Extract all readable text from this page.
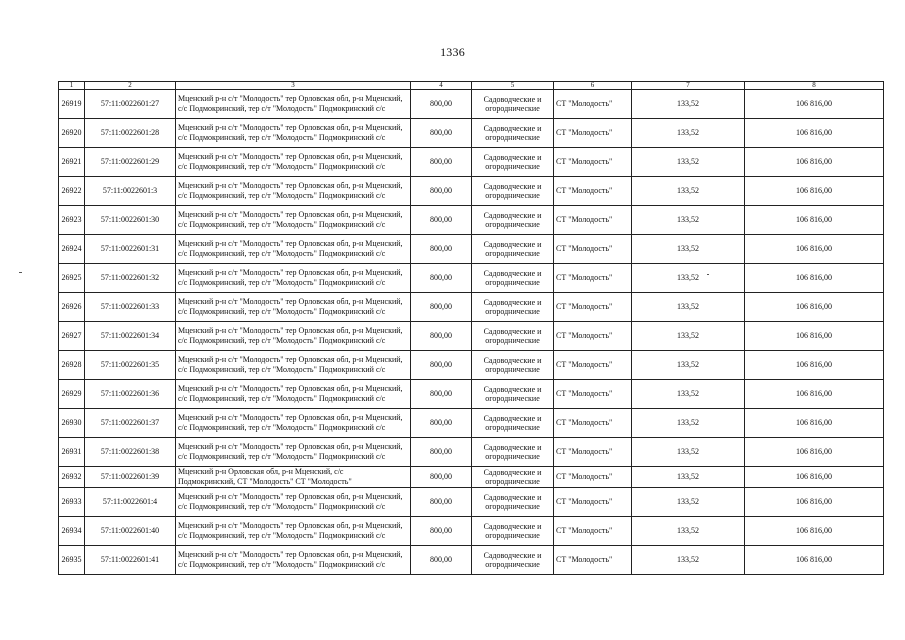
1336
1	2	3	4	5	6	7	8
26919	57:11:0022601:27	Мценский р-н с/т "Молодость" тер Орловская обл, р-н Мценский,
с/с Подмокринский, тер с/т "Молодость" Подмокринский с/с	800,00	Садоводческие и
огороднические	СТ "Молодость"	133,52	106 816,00
26920	57:11:0022601:28	Мценский р-н с/т "Молодость" тер Орловская обл, р-н Мценский,
с/с Подмокринский, тер с/т "Молодость" Подмокринский с/с	800,00	Садоводческие и
огороднические	СТ "Молодость"	133,52	106 816,00
26921	57:11:0022601:29	Мценский р-н с/т "Молодость" тер Орловская обл, р-н Мценский,
с/с Подмокринский, тер с/т "Молодость" Подмокринский с/с	800,00	Садоводческие и
огороднические	СТ "Молодость"	133,52	106 816,00
26922	57:11:0022601:3	Мценский р-н с/т "Молодость" тер Орловская обл, р-н Мценский,
с/с Подмокринский, тер с/т "Молодость" Подмокринский с/с	800,00	Садоводческие и
огороднические	СТ "Молодость"	133,52	106 816,00
26923	57:11:0022601:30	Мценский р-н с/т "Молодость" тер Орловская обл, р-н Мценский,
с/с Подмокринский, тер с/т "Молодость" Подмокринский с/с	800,00	Садоводческие и
огороднические	СТ "Молодость"	133,52	106 816,00
26924	57:11:0022601:31	Мценский р-н с/т "Молодость" тер Орловская обл, р-н Мценский,
с/с Подмокринский, тер с/т "Молодость" Подмокринский с/с	800,00	Садоводческие и
огороднические	СТ "Молодость"	133,52	106 816,00
26925	57:11:0022601:32	Мценский р-н с/т "Молодость" тер Орловская обл, р-н Мценский,
с/с Подмокринский, тер с/т "Молодость" Подмокринский с/с	800,00	Садоводческие и
огороднические	СТ "Молодость"	133,52	106 816,00
26926	57:11:0022601:33	Мценский р-н с/т "Молодость" тер Орловская обл, р-н Мценский,
с/с Подмокринский, тер с/т "Молодость" Подмокринский с/с	800,00	Садоводческие и
огороднические	СТ "Молодость"	133,52	106 816,00
26927	57:11:0022601:34	Мценский р-н с/т "Молодость" тер Орловская обл, р-н Мценский,
с/с Подмокринский, тер с/т "Молодость" Подмокринский с/с	800,00	Садоводческие и
огороднические	СТ "Молодость"	133,52	106 816,00
26928	57:11:0022601:35	Мценский р-н с/т "Молодость" тер Орловская обл, р-н Мценский,
с/с Подмокринский, тер с/т "Молодость" Подмокринский с/с	800,00	Садоводческие и
огороднические	СТ "Молодость"	133,52	106 816,00
26929	57:11:0022601:36	Мценский р-н с/т "Молодость" тер Орловская обл, р-н Мценский,
с/с Подмокринский, тер с/т "Молодость" Подмокринский с/с	800,00	Садоводческие и
огороднические	СТ "Молодость"	133,52	106 816,00
26930	57:11:0022601:37	Мценский р-н с/т "Молодость" тер Орловская обл, р-н Мценский,
с/с Подмокринский, тер с/т "Молодость" Подмокринский с/с	800,00	Садоводческие и
огороднические	СТ "Молодость"	133,52	106 816,00
26931	57:11:0022601:38	Мценский р-н с/т "Молодость" тер Орловская обл, р-н Мценский,
с/с Подмокринский, тер с/т "Молодость" Подмокринский с/с	800,00	Садоводческие и
огороднические	СТ "Молодость"	133,52	106 816,00
26932	57:11:0022601:39	Мценский р-н Орловская обл, р-н Мценский, с/с
Подмокринский, СТ "Молодость" СТ "Молодость"	800,00	Садоводческие и
огороднические	СТ "Молодость"	133,52	106 816,00
26933	57:11:0022601:4	Мценский р-н с/т "Молодость" тер Орловская обл, р-н Мценский,
с/с Подмокринский, тер с/т "Молодость" Подмокринский с/с	800,00	Садоводческие и
огороднические	СТ "Молодость"	133,52	106 816,00
26934	57:11:0022601:40	Мценский р-н с/т "Молодость" тер Орловская обл, р-н Мценский,
с/с Подмокринский, тер с/т "Молодость" Подмокринский с/с	800,00	Садоводческие и
огороднические	СТ "Молодость"	133,52	106 816,00
26935	57:11:0022601:41	Мценский р-н с/т "Молодость" тер Орловская обл, р-н Мценский,
с/с Подмокринский, тер с/т "Молодость" Подмокринский с/с	800,00	Садоводческие и
огороднические	СТ "Молодость"	133,52	106 816,00
